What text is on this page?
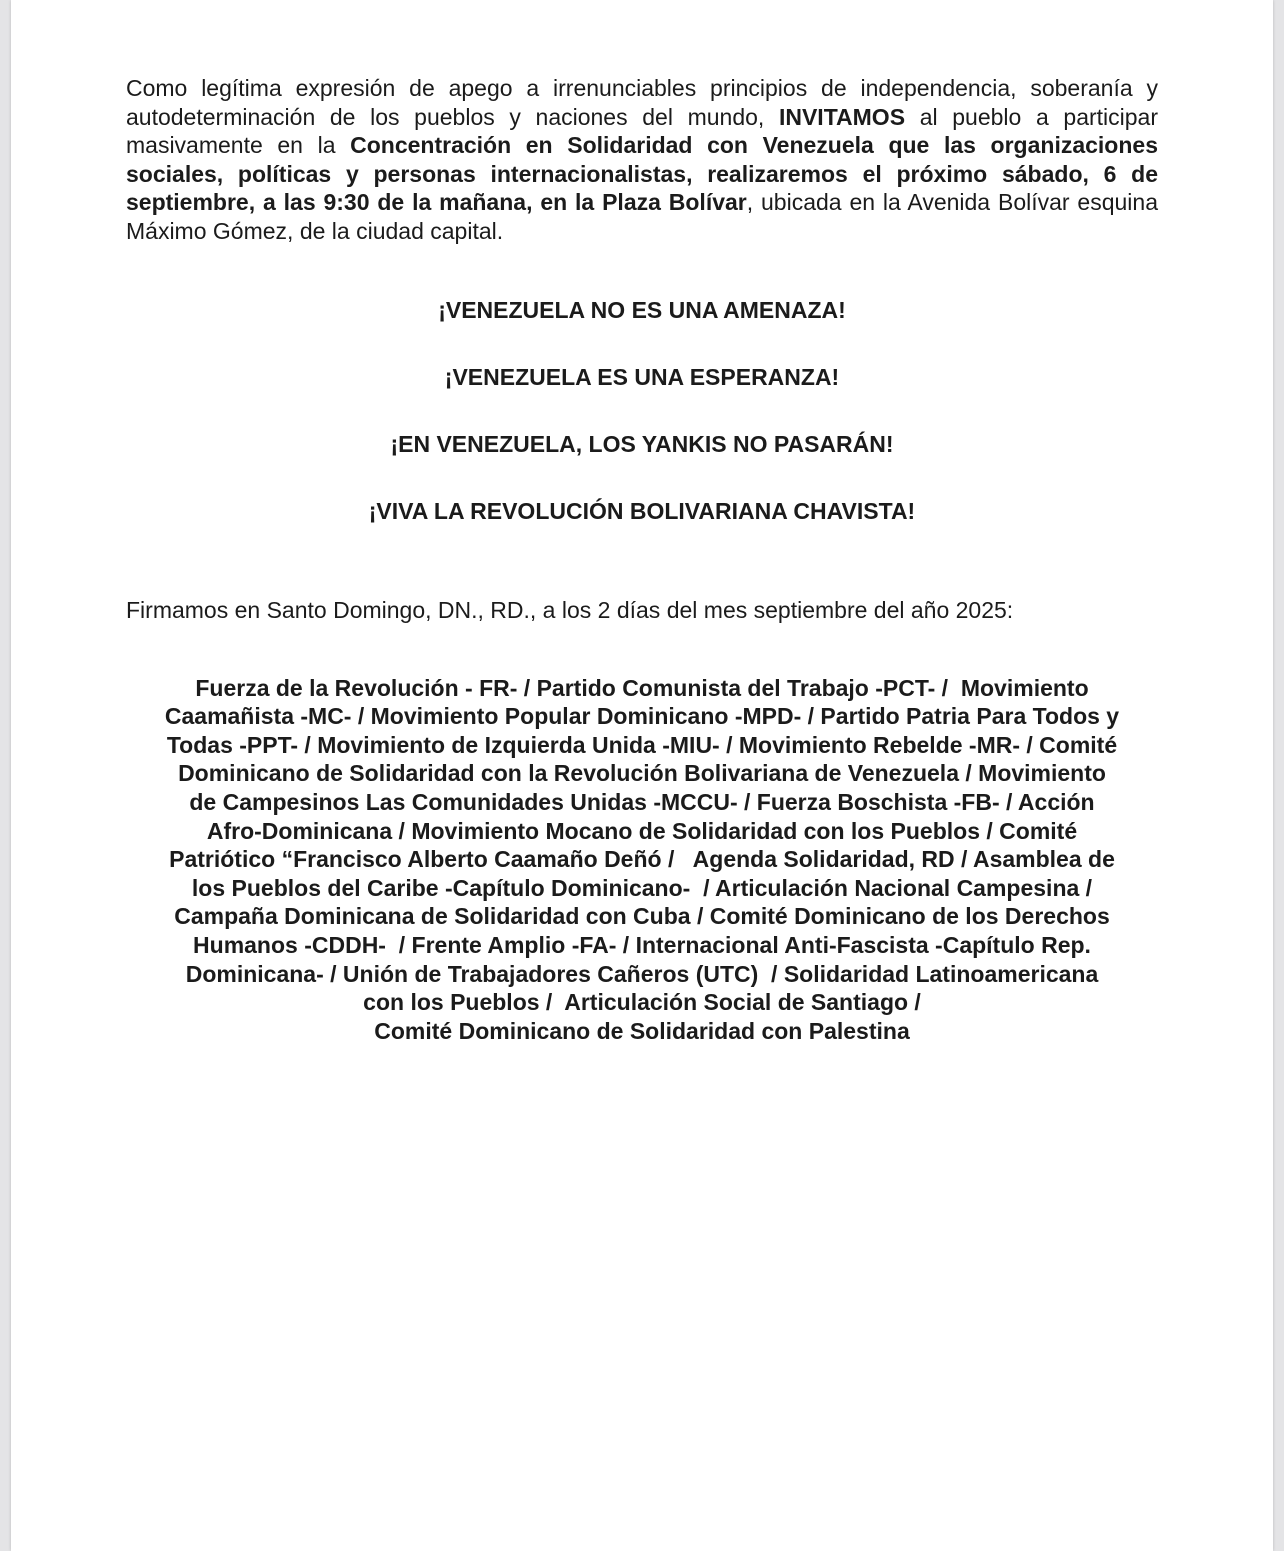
Como legítima expresión de apego a irrenunciables principios de independencia, soberanía y autodeterminación de los pueblos y naciones del mundo, INVITAMOS al pueblo a participar masivamente en la Concentración en Solidaridad con Venezuela que las organizaciones sociales, políticas y personas internacionalistas, realizaremos el próximo sábado, 6 de septiembre, a las 9:30 de la mañana, en la Plaza Bolívar, ubicada en la Avenida Bolívar esquina Máximo Gómez, de la ciudad capital.

¡VENEZUELA NO ES UNA AMENAZA!

¡VENEZUELA ES UNA ESPERANZA!

¡EN VENEZUELA, LOS YANKIS NO PASARÁN!

¡VIVA LA REVOLUCIÓN BOLIVARIANA CHAVISTA!

Firmamos en Santo Domingo, DN., RD., a los 2 días del mes septiembre del año 2025:

Fuerza de la Revolución - FR- / Partido Comunista del Trabajo -PCT- /  Movimiento
Caamañista -MC- / Movimiento Popular Dominicano -MPD- / Partido Patria Para Todos y
Todas -PPT- / Movimiento de Izquierda Unida -MIU- / Movimiento Rebelde -MR- / Comité
Dominicano de Solidaridad con la Revolución Bolivariana de Venezuela / Movimiento
de Campesinos Las Comunidades Unidas -MCCU- / Fuerza Boschista -FB- / Acción
Afro-Dominicana / Movimiento Mocano de Solidaridad con los Pueblos / Comité
Patriótico “Francisco Alberto Caamaño Deñó /   Agenda Solidaridad, RD / Asamblea de
los Pueblos del Caribe -Capítulo Dominicano-  / Articulación Nacional Campesina /
Campaña Dominicana de Solidaridad con Cuba / Comité Dominicano de los Derechos
Humanos -CDDH-  / Frente Amplio -FA- / Internacional Anti-Fascista -Capítulo Rep.
Dominicana- / Unión de Trabajadores Cañeros (UTC)  / Solidaridad Latinoamericana
con los Pueblos /  Articulación Social de Santiago /
Comité Dominicano de Solidaridad con Palestina
